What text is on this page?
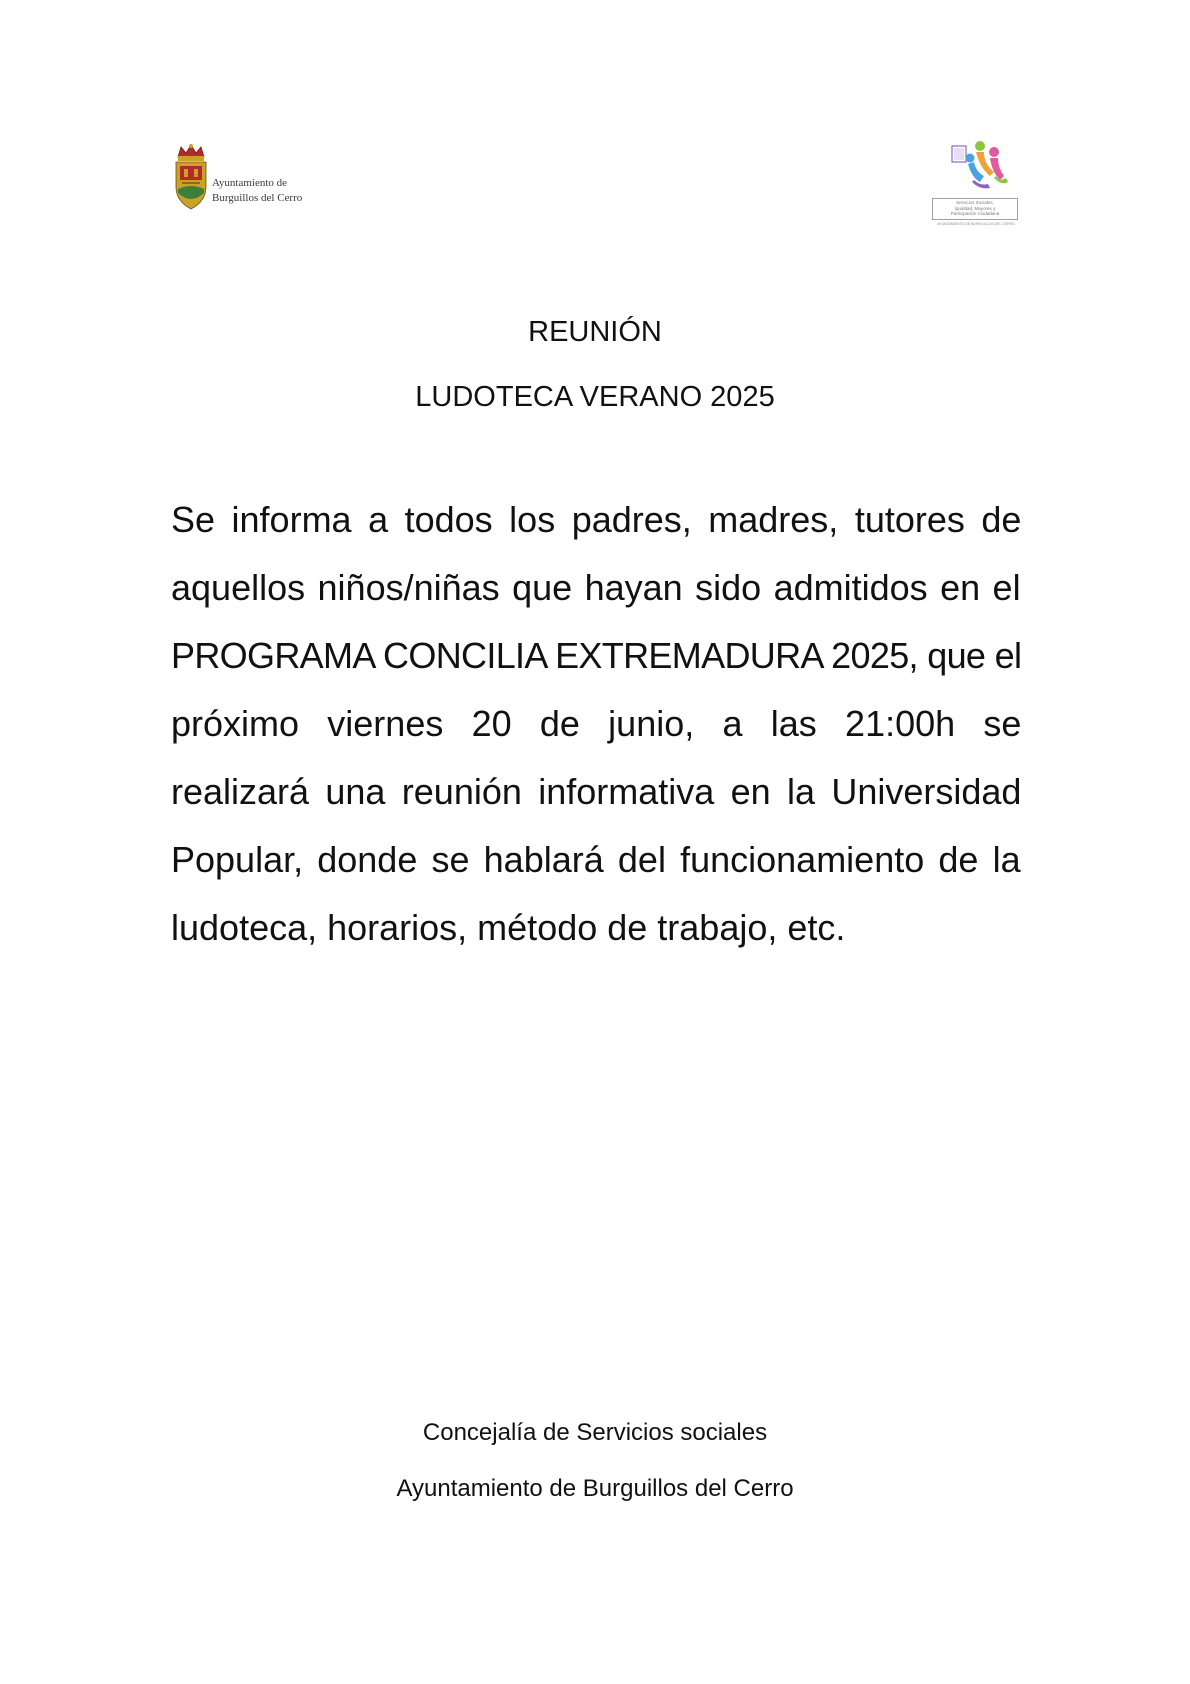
Ayuntamiento de
Burguillos del Cerro	Servicios Sociales,
Igualdad, Mayores y
Participación Ciudadana
AYUNTAMIENTO DE BURGUILLOS DEL CERRO
REUNIÓN
LUDOTECA VERANO 2025
Se informa a todos los padres, madres, tutores de
aquellos niños/niñas que hayan sido admitidos en el
PROGRAMA CONCILIA EXTREMADURA 2025, que el
próximo viernes 20 de junio, a las 21:00h se
realizará una reunión informativa en la Universidad
Popular, donde se hablará del funcionamiento de la
ludoteca, horarios, método de trabajo, etc.
Concejalía de Servicios sociales
Ayuntamiento de Burguillos del Cerro
